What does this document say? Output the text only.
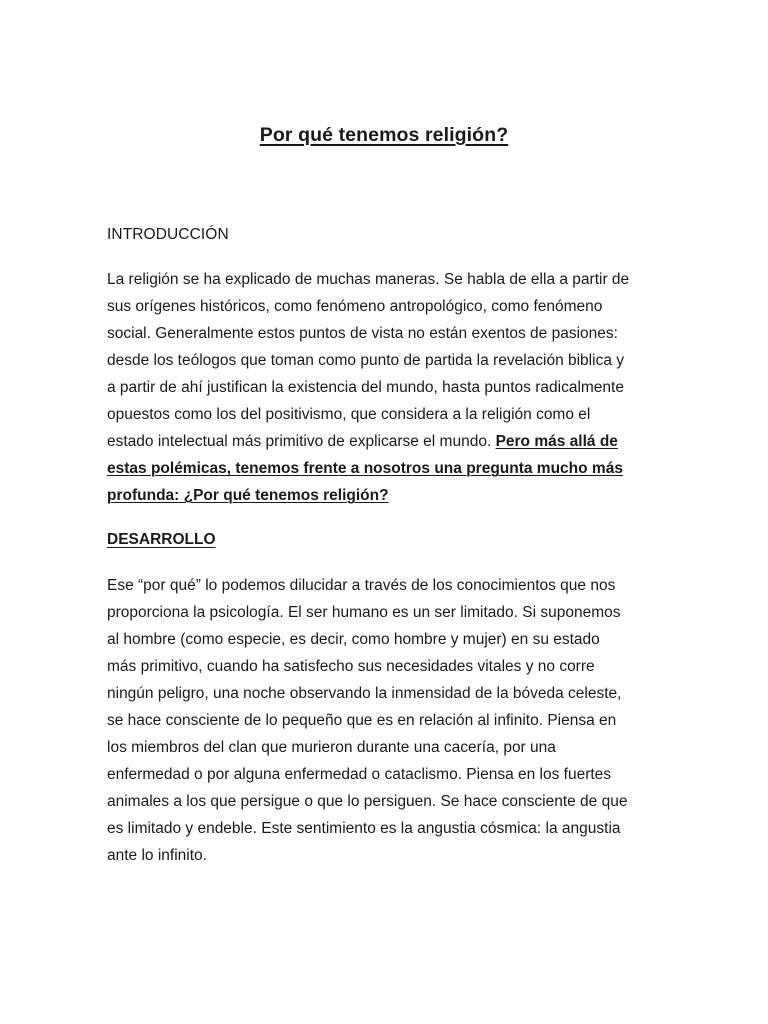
Por qué tenemos religión?
INTRODUCCIÓN
La religión se ha explicado de muchas maneras. Se habla de ella a partir de
sus orígenes históricos, como fenómeno antropológico, como fenómeno
social. Generalmente estos puntos de vista no están exentos de pasiones:
desde los teólogos que toman como punto de partida la revelación biblica y
a partir de ahí justifican la existencia del mundo, hasta puntos radicalmente
opuestos como los del positivismo, que considera a la religión como el
estado intelectual más primitivo de explicarse el mundo. Pero más allá de
estas polémicas, tenemos frente a nosotros una pregunta mucho más
profunda: ¿Por qué tenemos religión?
DESARROLLO
Ese “por qué” lo podemos dilucidar a través de los conocimientos que nos
proporciona la psicología. El ser humano es un ser limitado. Si suponemos
al hombre (como especie, es decir, como hombre y mujer) en su estado
más primitivo, cuando ha satisfecho sus necesidades vitales y no corre
ningún peligro, una noche observando la inmensidad de la bóveda celeste,
se hace consciente de lo pequeño que es en relación al infinito. Piensa en
los miembros del clan que murieron durante una cacería, por una
enfermedad o por alguna enfermedad o cataclismo. Piensa en los fuertes
animales a los que persigue o que lo persiguen. Se hace consciente de que
es limitado y endeble. Este sentimiento es la angustia cósmica: la angustia
ante lo infinito.
